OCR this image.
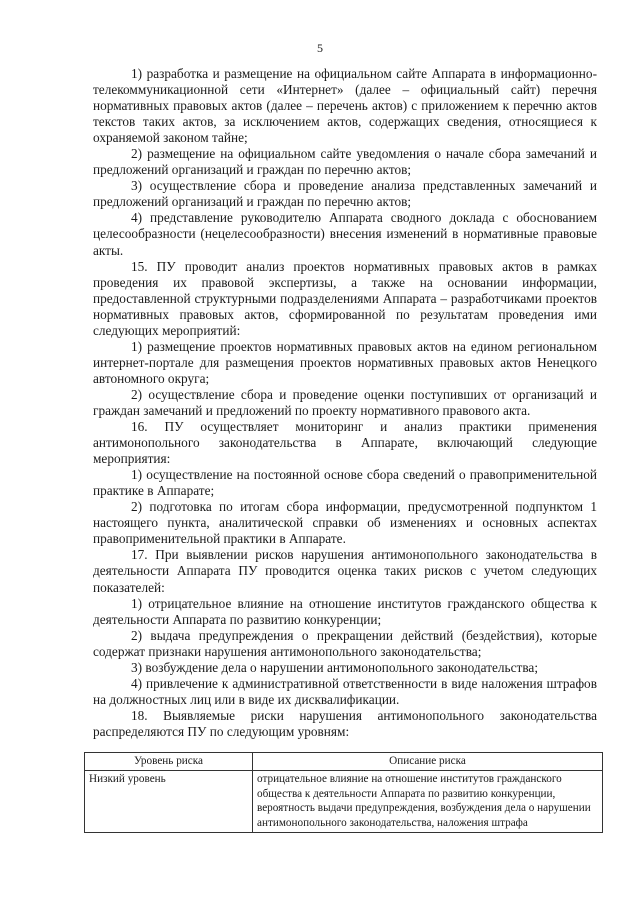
5

1) разработка и размещение на официальном сайте Аппарата в информационно-телекоммуникационной сети «Интернет» (далее – официальный сайт) перечня нормативных правовых актов (далее – перечень актов) с приложением к перечню актов текстов таких актов, за исключением актов, содержащих сведения, относящиеся к охраняемой законом тайне;

2) размещение на официальном сайте уведомления о начале сбора замечаний и предложений организаций и граждан по перечню актов;

3) осуществление сбора и проведение анализа представленных замечаний и предложений организаций и граждан по перечню актов;

4) представление руководителю Аппарата сводного доклада с обоснованием целесообразности (нецелесообразности) внесения изменений в нормативные правовые акты.

15. ПУ проводит анализ проектов нормативных правовых актов в рамках проведения их правовой экспертизы, а также на основании информации, предоставленной структурными подразделениями Аппарата – разработчиками проектов нормативных правовых актов, сформированной по результатам проведения ими следующих мероприятий:

1) размещение проектов нормативных правовых актов на едином региональном интернет-портале для размещения проектов нормативных правовых актов Ненецкого автономного округа;

2) осуществление сбора и проведение оценки поступивших от организаций и граждан замечаний и предложений по проекту нормативного правового акта.

16. ПУ осуществляет мониторинг и анализ практики применения антимонопольного законодательства в Аппарате, включающий следующие мероприятия:

1) осуществление на постоянной основе сбора сведений о правоприменительной практике в Аппарате;

2) подготовка по итогам сбора информации, предусмотренной подпунктом 1 настоящего пункта, аналитической справки об изменениях и основных аспектах правоприменительной практики в Аппарате.

17. При выявлении рисков нарушения антимонопольного законодательства в деятельности Аппарата ПУ проводится оценка таких рисков с учетом следующих показателей:

1) отрицательное влияние на отношение институтов гражданского общества к деятельности Аппарата по развитию конкуренции;

2) выдача предупреждения о прекращении действий (бездействия), которые содержат признаки нарушения антимонопольного законодательства;

3) возбуждение дела о нарушении антимонопольного законодательства;

4) привлечение к административной ответственности в виде наложения штрафов на должностных лиц или в виде их дисквалификации.

18. Выявляемые риски нарушения антимонопольного законодательства распределяются ПУ по следующим уровням:

Уровень риска	Описание риска
Низкий уровень	отрицательное влияние на отношение институтов гражданского общества к деятельности Аппарата по развитию конкуренции, вероятность выдачи предупреждения, возбуждения дела о нарушении антимонопольного законодательства, наложения штрафа
